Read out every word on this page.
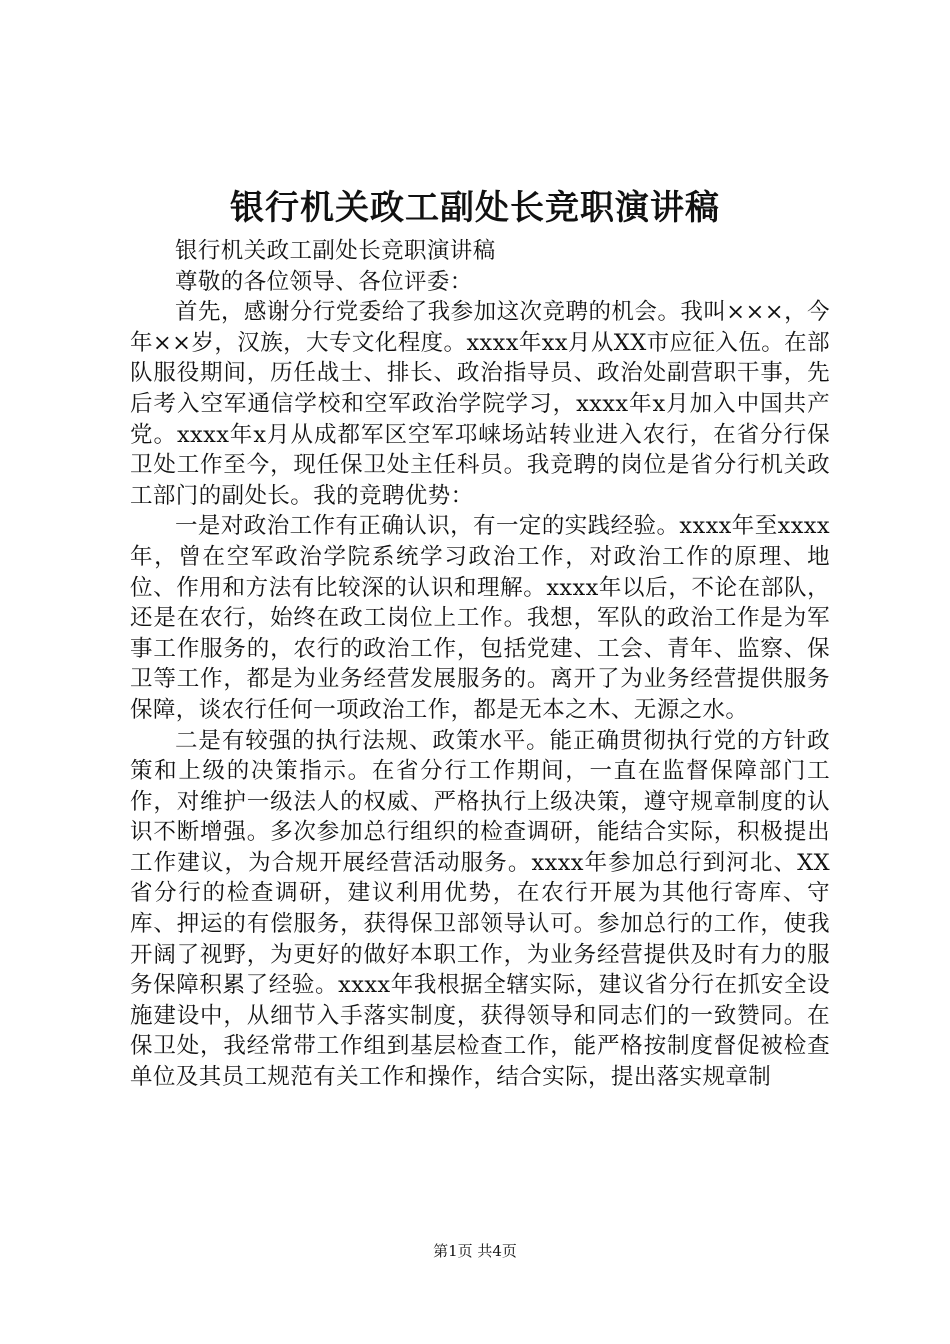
银行机关政工副处长竞职演讲稿

银行机关政工副处长竞职演讲稿

尊敬的各位领导、各位评委：

首先，感谢分行党委给了我参加这次竞聘的机会。我叫×××，今年××岁，汉族，大专文化程度。xxxx年xx月从XX市应征入伍。在部队服役期间，历任战士、排长、政治指导员、政治处副营职干事，先后考入空军通信学校和空军政治学院学习，xxxx年x月加入中国共产党。xxxx年x月从成都军区空军邛崃场站转业进入农行，在省分行保卫处工作至今，现任保卫处主任科员。我竞聘的岗位是省分行机关政工部门的副处长。我的竞聘优势：

一是对政治工作有正确认识，有一定的实践经验。xxxx年至xxxx年，曾在空军政治学院系统学习政治工作，对政治工作的原理、地位、作用和方法有比较深的认识和理解。xxxx年以后，不论在部队，还是在农行，始终在政工岗位上工作。我想，军队的政治工作是为军事工作服务的，农行的政治工作，包括党建、工会、青年、监察、保卫等工作，都是为业务经营发展服务的。离开了为业务经营提供服务保障，谈农行任何一项政治工作，都是无本之木、无源之水。

二是有较强的执行法规、政策水平。能正确贯彻执行党的方针政策和上级的决策指示。在省分行工作期间，一直在监督保障部门工作，对维护一级法人的权威、严格执行上级决策，遵守规章制度的认识不断增强。多次参加总行组织的检查调研，能结合实际，积极提出工作建议，为合规开展经营活动服务。xxxx年参加总行到河北、XX省分行的检查调研，建议利用优势，在农行开展为其他行寄库、守库、押运的有偿服务，获得保卫部领导认可。参加总行的工作，使我开阔了视野，为更好的做好本职工作，为业务经营提供及时有力的服务保障积累了经验。xxxx年我根据全辖实际，建议省分行在抓安全设施建设中，从细节入手落实制度，获得领导和同志们的一致赞同。在保卫处，我经常带工作组到基层检查工作，能严格按制度督促被检查单位及其员工规范有关工作和操作，结合实际，提出落实规章制

第1页 共4页
